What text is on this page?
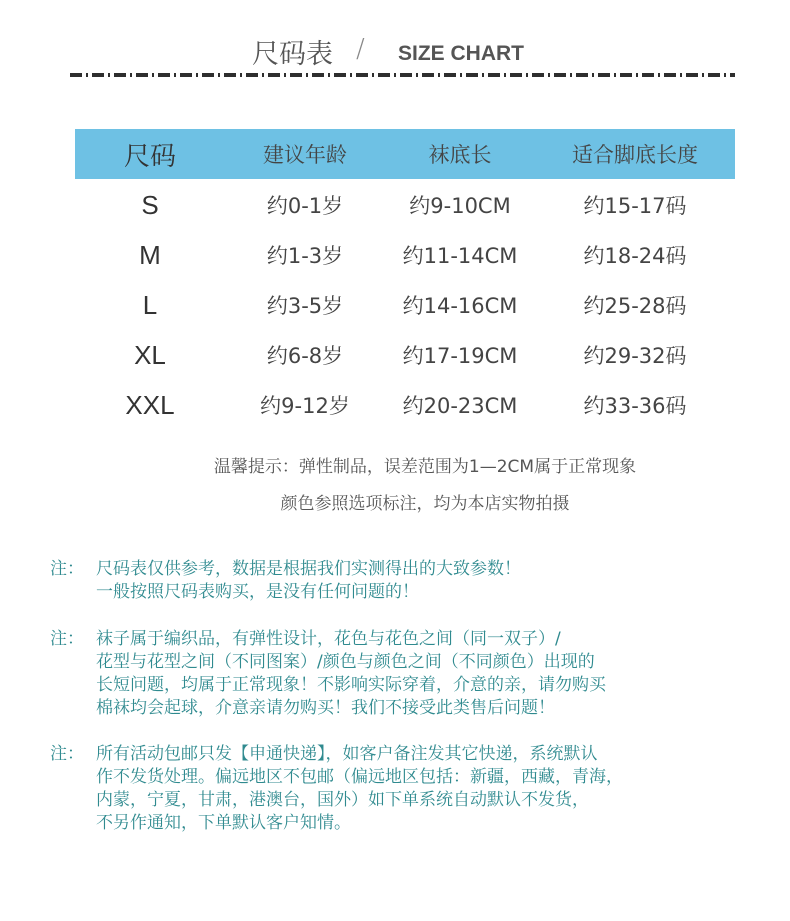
尺码表 / SIZE CHART
尺码	建议年龄	袜底长	适合脚底长度
S	约0-1岁	约9-10CM	约15-17码
M	约1-3岁	约11-14CM	约18-24码
L	约3-5岁	约14-16CM	约25-28码
XL	约6-8岁	约17-19CM	约29-32码
XXL	约9-12岁	约20-23CM	约33-36码
温馨提示：弹性制品，误差范围为1—2CM属于正常现象
颜色参照选项标注，均为本店实物拍摄
注： 尺码表仅供参考，数据是根据我们实测得出的大致参数！
一般按照尺码表购买，是没有任何问题的！
注： 袜子属于编织品，有弹性设计，花色与花色之间（同一双子）/
花型与花型之间（不同图案）/颜色与颜色之间（不同颜色）出现的
长短问题，均属于正常现象！不影响实际穿着，介意的亲，请勿购买
棉袜均会起球，介意亲请勿购买！我们不接受此类售后问题！
注： 所有活动包邮只发【申通快递】，如客户备注发其它快递，系统默认
作不发货处理。偏远地区不包邮（偏远地区包括：新疆，西藏，青海，
内蒙，宁夏，甘肃，港澳台，国外）如下单系统自动默认不发货，
不另作通知，下单默认客户知情。
